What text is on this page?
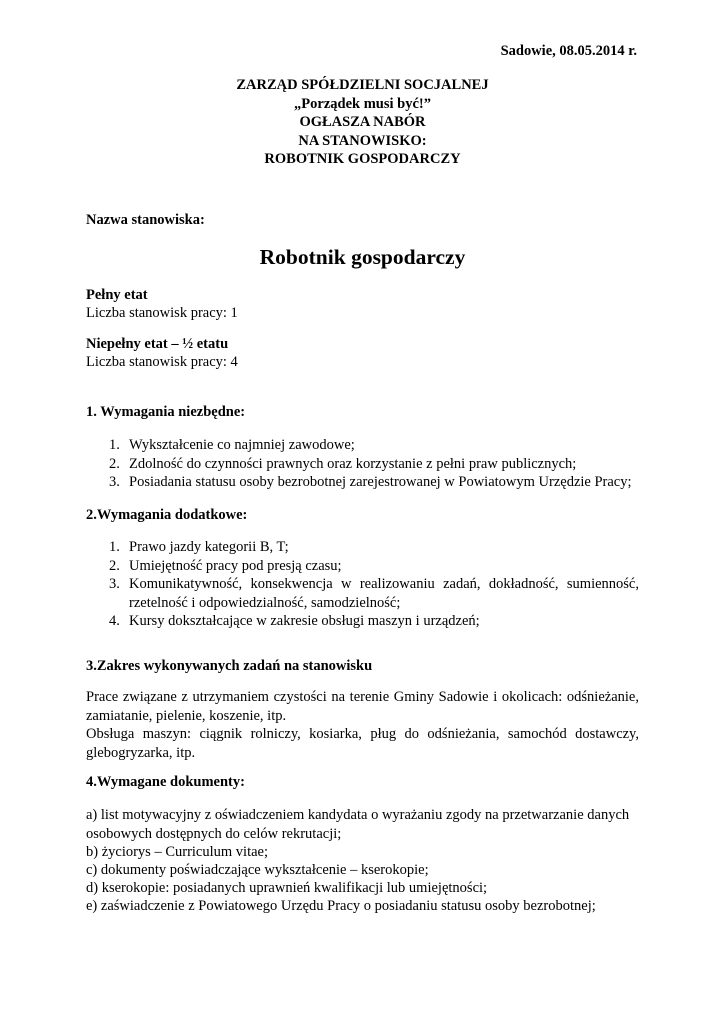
Sadowie, 08.05.2014 r.
ZARZĄD SPÓŁDZIELNI SOCJALNEJ
„Porządek musi być!”
OGŁASZA NABÓR
NA STANOWISKO:
ROBOTNIK GOSPODARCZY
Nazwa stanowiska:
Robotnik gospodarczy
Pełny etat
Liczba stanowisk pracy: 1
Niepełny etat – ½ etatu
Liczba stanowisk pracy: 4
1. Wymagania niezbędne:
1. Wykształcenie co najmniej zawodowe;
2. Zdolność do czynności prawnych oraz korzystanie z pełni praw publicznych;
3. Posiadania statusu osoby bezrobotnej zarejestrowanej w Powiatowym Urzędzie Pracy;
2.Wymagania dodatkowe:
1. Prawo jazdy kategorii B, T;
2. Umiejętność pracy pod presją czasu;
3. Komunikatywność, konsekwencja w realizowaniu zadań, dokładność, sumienność, rzetelność i odpowiedzialność, samodzielność;
4. Kursy dokształcające w zakresie obsługi maszyn i urządzeń;
3.Zakres wykonywanych zadań na stanowisku
Prace związane z utrzymaniem czystości na terenie Gminy Sadowie i okolicach: odśnieżanie, zamiatanie, pielenie, koszenie, itp.
Obsługa maszyn: ciągnik rolniczy, kosiarka, pług do odśnieżania, samochód dostawczy, glebogryzarka, itp.
4.Wymagane dokumenty:
a) list motywacyjny z oświadczeniem kandydata o wyrażaniu zgody na przetwarzanie danych osobowych dostępnych do celów rekrutacji;
b) życiorys – Curriculum vitae;
c) dokumenty poświadczające wykształcenie – kserokopie;
d) kserokopie: posiadanych uprawnień kwalifikacji lub umiejętności;
e) zaświadczenie z Powiatowego Urzędu Pracy o posiadaniu statusu osoby bezrobotnej;
